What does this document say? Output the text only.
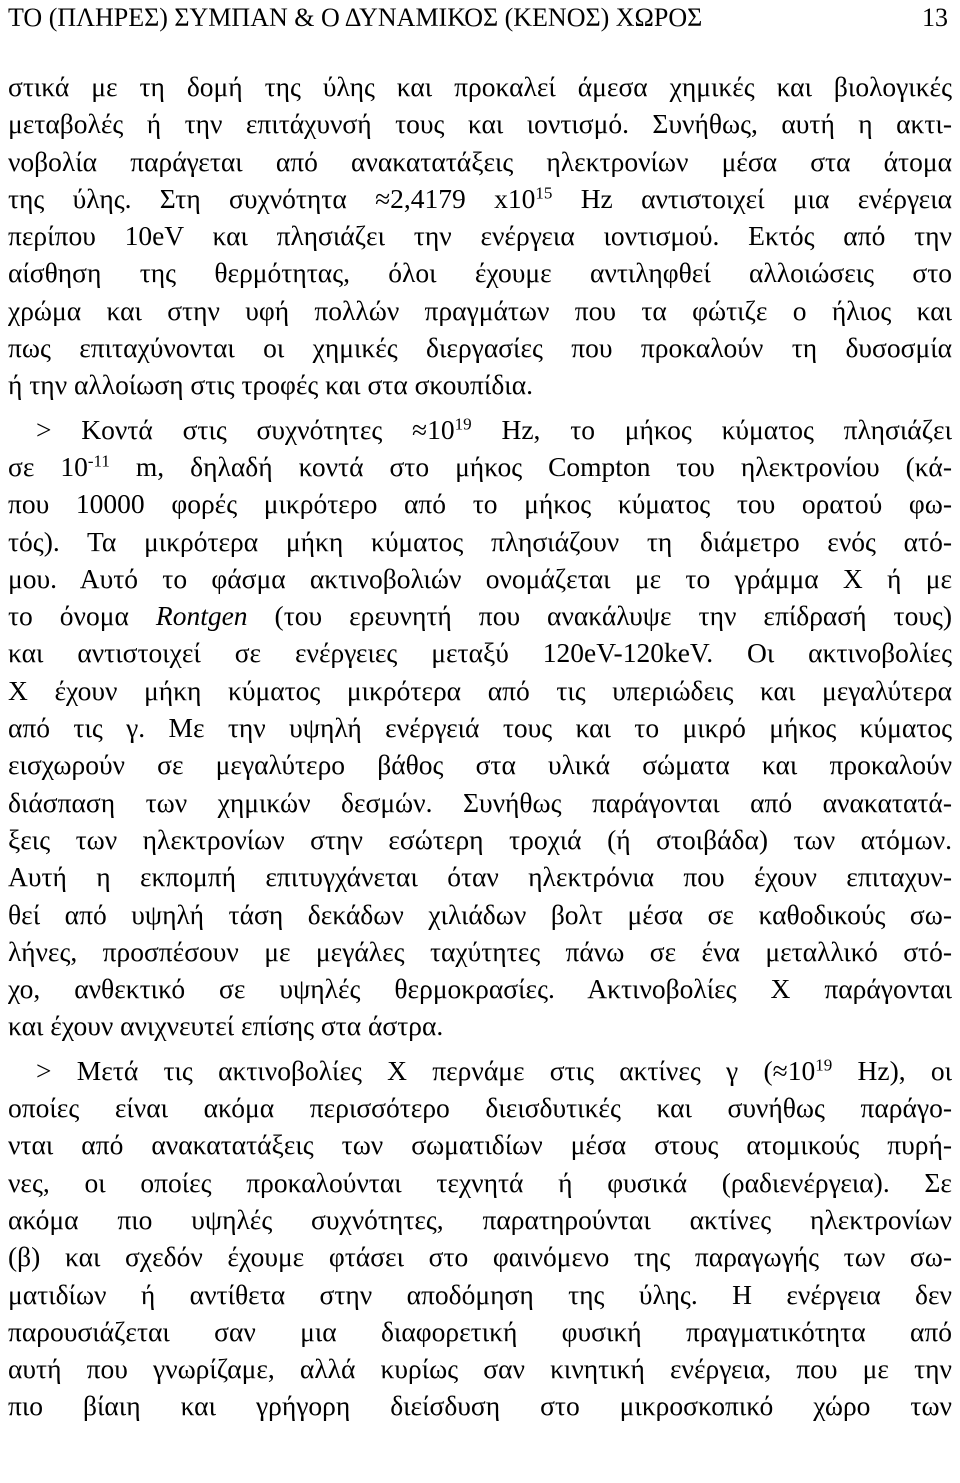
ΤΟ (ΠΛΗΡΕΣ) ΣΥΜΠΑΝ & Ο ΔΥΝΑΜΙΚΟΣ (ΚΕΝΟΣ) ΧΩΡΟΣ	13
στικά με τη δομή της ύλης και προκαλεί άμεσα χημικές και βιολογικές
μεταβολές ή την επιτάχυνσή τους και ιοντισμό. Συνήθως, αυτή η ακτι-
νοβολία παράγεται από ανακατατάξεις ηλεκτρονίων μέσα στα άτομα
της ύλης. Στη συχνότητα ≈2,4179 $x10^{15}$ Hz αντιστοιχεί μια ενέργεια
περίπου 10eV και πλησιάζει την ενέργεια ιοντισμού. Εκτός από την
αίσθηση της θερμότητας, όλοι έχουμε αντιληφθεί αλλοιώσεις στο
χρώμα και στην υφή πολλών πραγμάτων που τα φώτιζε ο ήλιος και
πως επιταχύνονται οι χημικές διεργασίες που προκαλούν τη δυσοσμία
ή την αλλοίωση στις τροφές και στα σκουπίδια.
> Κοντά στις $\sigma\upsilon\chi\nu ό\tau\eta\tau\varepsilon\varsigma \approx 10^{19}$ Hz, το μήκος κύματος πλησιάζει
σε $10^{-11}$ m, δηλαδή κοντά στο μήκος Compton του ηλεκτρονίου (κά-
που 10000 φορές μικρότερο από το μήκος κύματος του ορατού φω-
τός). Τα μικρότερα μήκη κύματος πλησιάζουν τη διάμετρο ενός ατό-
μου. Αυτό το φάσμα ακτινοβολιών ονομάζεται με το γράμμα X ή με
το όνομα Rontgen (του ερευνητή που ανακάλυψε την επίδρασή τους)
και αντιστοιχεί σε ενέργειες μεταξύ 120eV-120keV. Οι ακτινοβολίες
X έχουν μήκη κύματος μικρότερα από τις υπεριώδεις και μεγαλύτερα
από τις γ. Με την υψηλή ενέργειά τους και το μικρό μήκος κύματος
εισχωρούν σε μεγαλύτερο βάθος στα υλικά σώματα και προκαλούν
διάσπαση των χημικών δεσμών. Συνήθως παράγονται από ανακατατά-
ξεις των ηλεκτρονίων στην εσώτερη τροχιά (ή στοιβάδα) των ατόμων.
Αυτή η εκπομπή επιτυγχάνεται όταν ηλεκτρόνια που έχουν επιταχυν-
θεί από υψηλή τάση δεκάδων χιλιάδων βολτ μέσα σε καθοδικούς σω-
λήνες, προσπέσουν με μεγάλες ταχύτητες πάνω σε ένα μεταλλικό στό-
χο, ανθεκτικό σε υψηλές θερμοκρασίες. Ακτινοβολίες X παράγονται
και έχουν ανιχνευτεί επίσης στα άστρα.
> Μετά τις ακτινοβολίες X περνάμε στις ακτίνες γ ($\approx 10^{19}$ Hz), οι
οποίες είναι ακόμα περισσότερο διεισδυτικές και συνήθως παράγο-
νται από ανακατατάξεις των σωματιδίων μέσα στους ατομικούς πυρή-
νες, οι οποίες προκαλούνται τεχνητά ή φυσικά (ραδιενέργεια). Σε
ακόμα πιο υψηλές συχνότητες, παρατηρούνται ακτίνες ηλεκτρονίων
(β) και σχεδόν έχουμε φτάσει στο φαινόμενο της παραγωγής των σω-
ματιδίων ή αντίθετα στην αποδόμηση της ύλης. Η ενέργεια δεν
παρουσιάζεται σαν μια διαφορετική φυσική πραγματικότητα από
αυτή που γνωρίζαμε, αλλά κυρίως σαν κινητική ενέργεια, που με την
πιο βίαιη και γρήγορη διείσδυση στο μικροσκοπικό χώρο των
